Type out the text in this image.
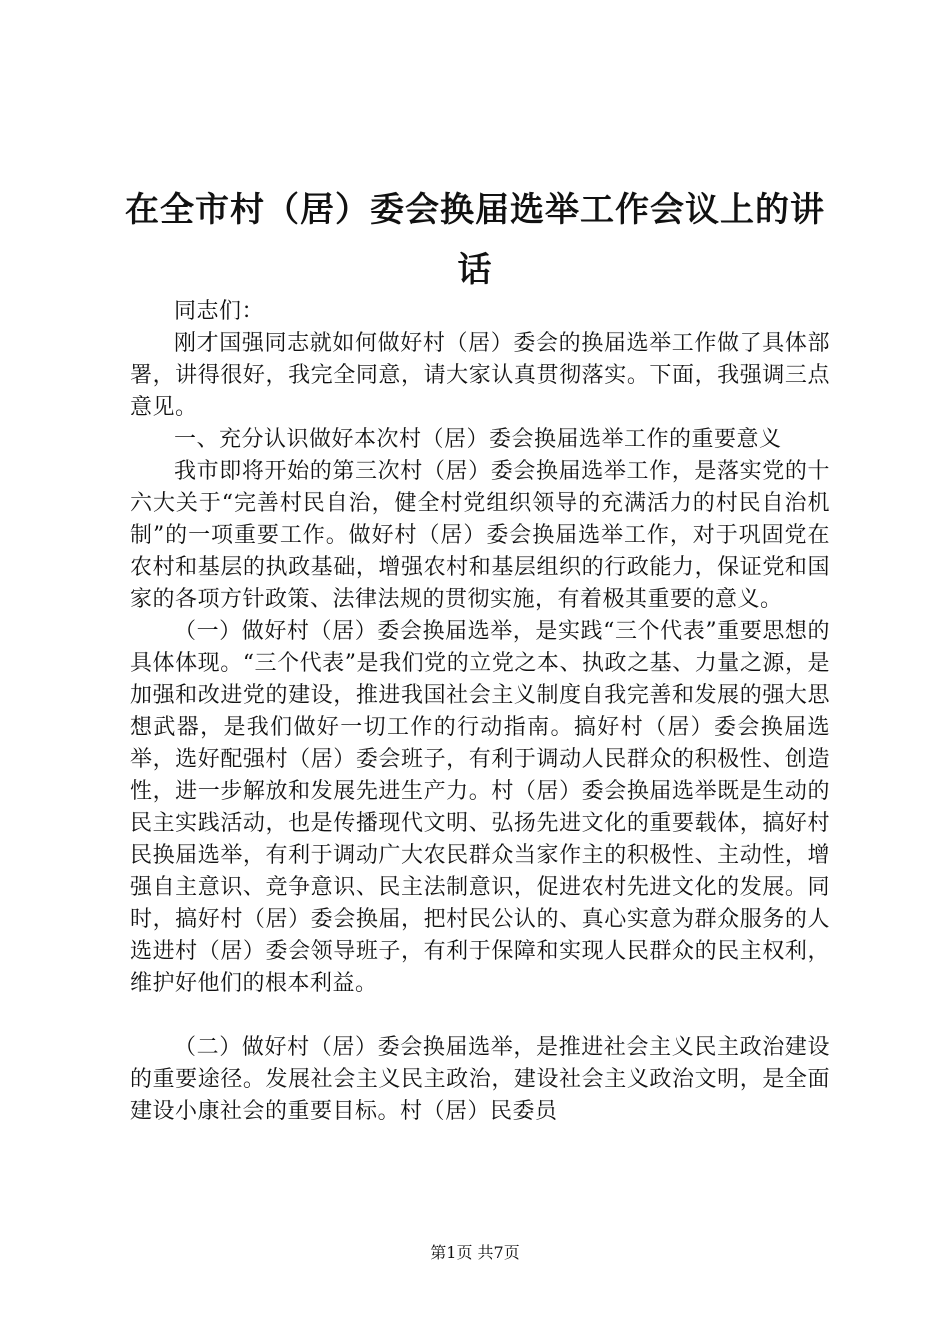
在全市村（居）委会换届选举工作会议上的讲
话

同志们：

刚才国强同志就如何做好村（居）委会的换届选举工作做了具体部署，讲得很好，我完全同意，请大家认真贯彻落实。下面，我强调三点意见。

一、充分认识做好本次村（居）委会换届选举工作的重要意义

我市即将开始的第三次村（居）委会换届选举工作，是落实党的十六大关于“完善村民自治，健全村党组织领导的充满活力的村民自治机制”的一项重要工作。做好村（居）委会换届选举工作，对于巩固党在农村和基层的执政基础，增强农村和基层组织的行政能力，保证党和国家的各项方针政策、法律法规的贯彻实施，有着极其重要的意义。

（一）做好村（居）委会换届选举，是实践“三个代表”重要思想的具体体现。“三个代表”是我们党的立党之本、执政之基、力量之源，是加强和改进党的建设，推进我国社会主义制度自我完善和发展的强大思想武器，是我们做好一切工作的行动指南。搞好村（居）委会换届选举，选好配强村（居）委会班子，有利于调动人民群众的积极性、创造性，进一步解放和发展先进生产力。村（居）委会换届选举既是生动的民主实践活动，也是传播现代文明、弘扬先进文化的重要载体，搞好村民换届选举，有利于调动广大农民群众当家作主的积极性、主动性，增强自主意识、竞争意识、民主法制意识，促进农村先进文化的发展。同时，搞好村（居）委会换届，把村民公认的、真心实意为群众服务的人选进村（居）委会领导班子，有利于保障和实现人民群众的民主权利，维护好他们的根本利益。

（二）做好村（居）委会换届选举，是推进社会主义民主政治建设的重要途径。发展社会主义民主政治，建设社会主义政治文明，是全面建设小康社会的重要目标。村（居）民委员

第1页 共7页
